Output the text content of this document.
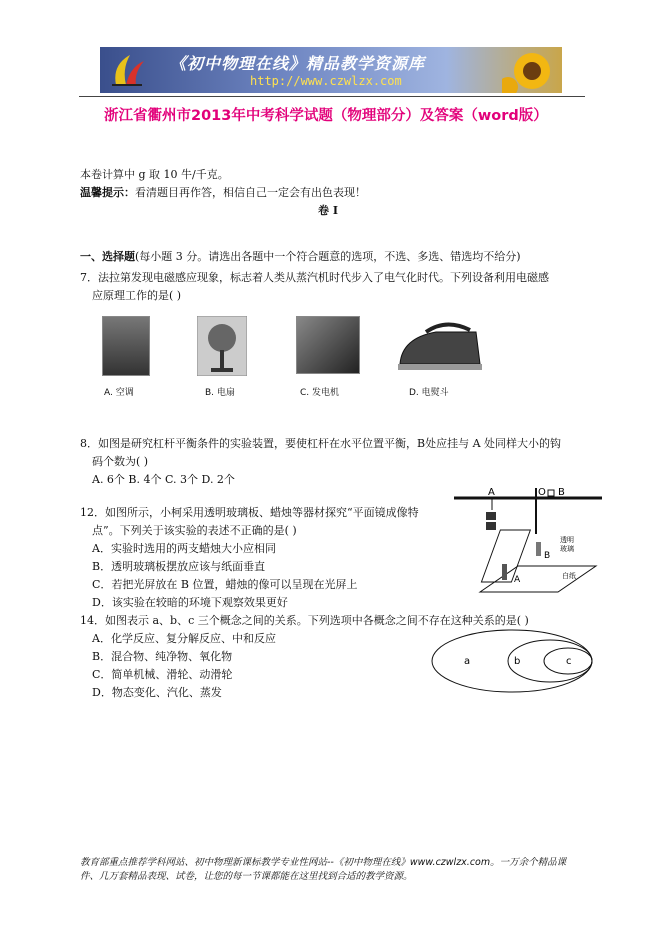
《初中物理在线》精品教学资源库
http://www.czwlzx.com
浙江省衢州市2013年中考科学试题（物理部分）及答案（word版）
本卷计算中 g 取 10 牛/千克。
温馨提示：看清题目再作答，相信自己一定会有出色表现！
卷 I
一、选择题(每小题 3 分。请选出各题中一个符合题意的选项，不选、多选、错选均不给分)
7．法拉第发现电磁感应现象，标志着人类从蒸汽机时代步入了电气化时代。下列设备利用电磁感
应原理工作的是( )
A. 空调	B. 电扇	C. 发电机	D. 电熨斗
8．如图是研究杠杆平衡条件的实验装置，要使杠杆在水平位置平衡，B处应挂与 A 处同样大小的钩
码个数为( )
A. 6个 B. 4个 C. 3个 D. 2个
A	O B
12．如图所示，小柯采用透明玻璃板、蜡烛等器材探究“平面镜成像特
点”。下列关于该实验的表述不正确的是( )
A．实验时选用的两支蜡烛大小应相同
B．透明玻璃板摆放应该与纸面垂直
C．若把光屏放在 B 位置，蜡烛的像可以呈现在光屏上
D．该实验在较暗的环境下观察效果更好
A
B
透明
玻璃
白纸
14．如图表示 a、b、c 三个概念之间的关系。下列选项中各概念之间不存在这种关系的是( )
A．化学反应、复分解反应、中和反应
B．混合物、纯净物、氧化物
C．简单机械、滑轮、动滑轮
D．物态变化、汽化、蒸发
a	b	c
教育部重点推荐学科网站、初中物理新课标教学专业性网站--《初中物理在线》www.czwlzx.com。一万余个精品课
件、几万套精品表现、试卷，让您的每一节课都能在这里找到合适的教学资源。
